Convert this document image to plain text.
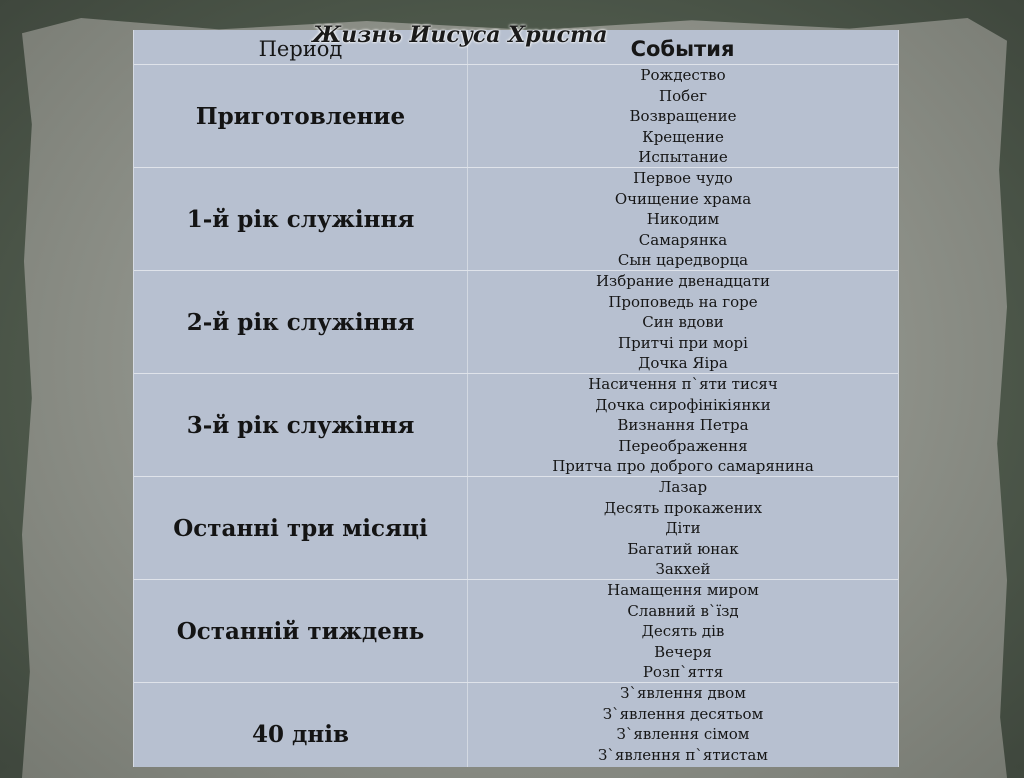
Период	События
Приготовление
Рождество
Побег
Возвращение
Крещение
Испытание
1-й рік служіння
Первое чудо
Очищение храма
Никодим
Самарянка
Сын царедворца
2-й рік служіння
Избрание двенадцати
Проповедь на горе
Син вдови
Притчі при морі
Дочка Яіра
3-й рік служіння
Насичення п`яти тисяч
Дочка сирофінікіянки
Визнання Петра
Переображення
Притча про доброго самарянина
Останні три місяці
Лазар
Десять прокажених
Діти
Багатий юнак
Закхей
Останній тиждень
Намащення миром
Славний в`їзд
Десять дів
Вечеря
Розп`яття
40 днів
З`явлення двом
З`явлення десятьом
З`явлення сімом
З`явлення п`ятистам
Жизнь Иисуса Христа
